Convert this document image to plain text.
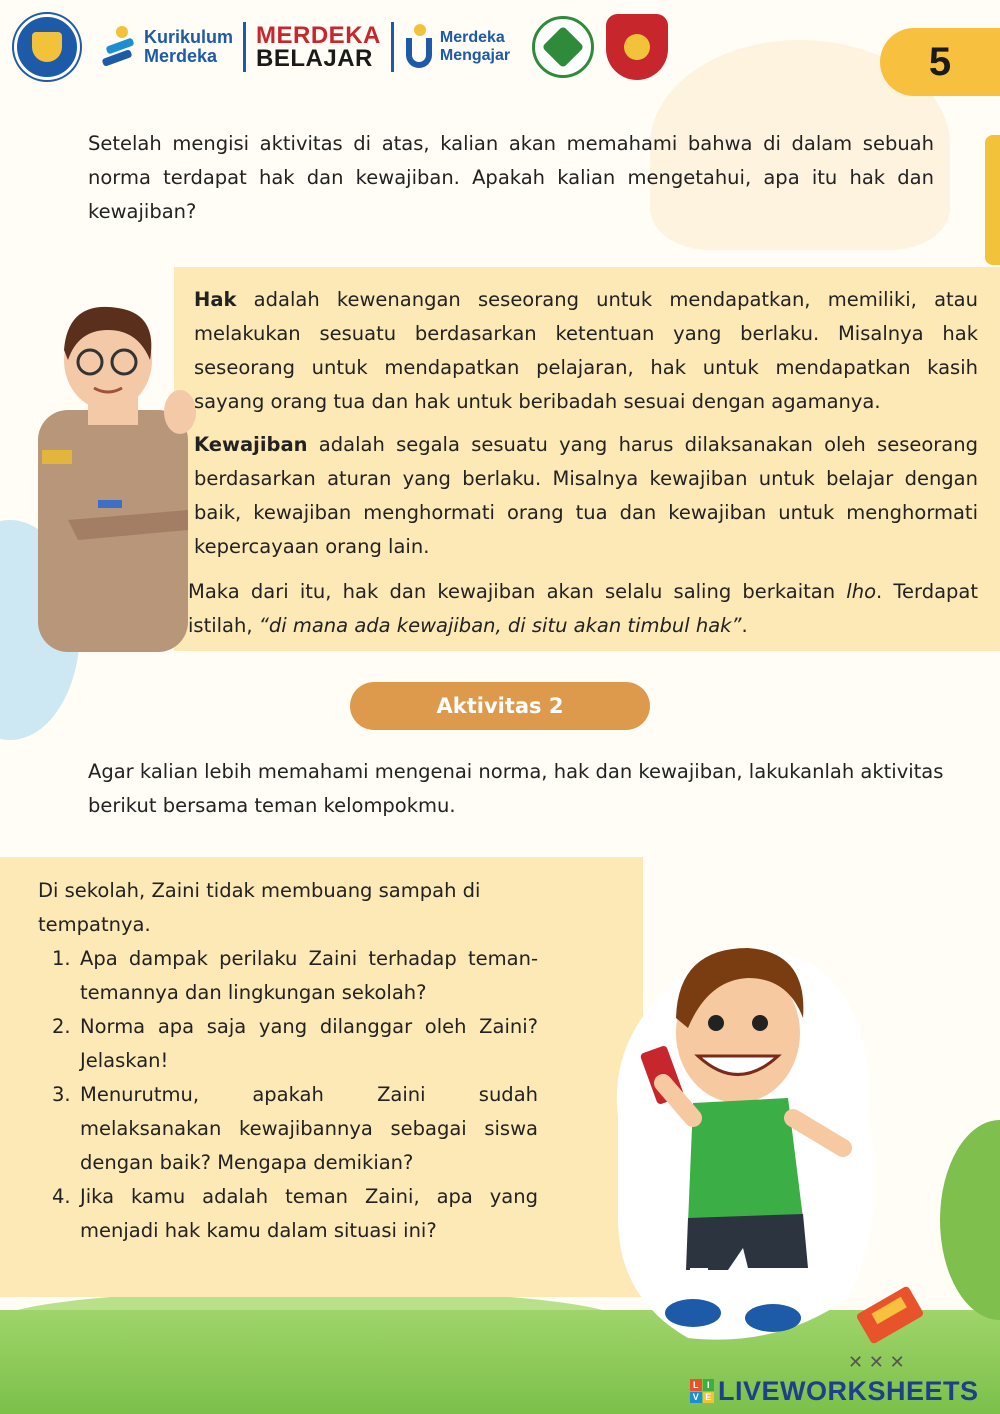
Kurikulum
Merdeka
MERDEKA
BELAJAR
Merdeka
Mengajar	5

Setelah mengisi aktivitas di atas, kalian akan memahami bahwa di dalam sebuah norma terdapat hak dan kewajiban. Apakah kalian mengetahui, apa itu hak dan kewajiban?

Hak adalah kewenangan seseorang untuk mendapatkan, memiliki, atau melakukan sesuatu berdasarkan ketentuan yang berlaku. Misalnya hak seseorang untuk mendapatkan pelajaran, hak untuk mendapatkan kasih sayang orang tua dan hak untuk beribadah sesuai dengan agamanya.

Kewajiban adalah segala sesuatu yang harus dilaksanakan oleh seseorang berdasarkan aturan yang berlaku. Misalnya kewajiban untuk belajar dengan baik, kewajiban menghormati orang tua dan kewajiban untuk menghormati kepercayaan orang lain.

Maka dari itu, hak dan kewajiban akan selalu saling berkaitan lho. Terdapat istilah, “di mana ada kewajiban, di situ akan timbul hak”.

Aktivitas 2

Agar kalian lebih memahami mengenai norma, hak dan kewajiban, lakukanlah aktivitas berikut bersama teman kelompokmu.

Di sekolah, Zaini tidak membuang sampah di tempatnya.

1. Apa dampak perilaku Zaini terhadap teman-temannya dan lingkungan sekolah?
2. Norma apa saja yang dilanggar oleh Zaini? Jelaskan!
3. Menurutmu, apakah Zaini sudah melaksanakan kewajibannya sebagai siswa dengan baik? Mengapa demikian?
4. Jika kamu adalah teman Zaini, apa yang menjadi hak kamu dalam situasi ini?
✕ ✕ ✕
L I
V E LIVEWORKSHEETS
